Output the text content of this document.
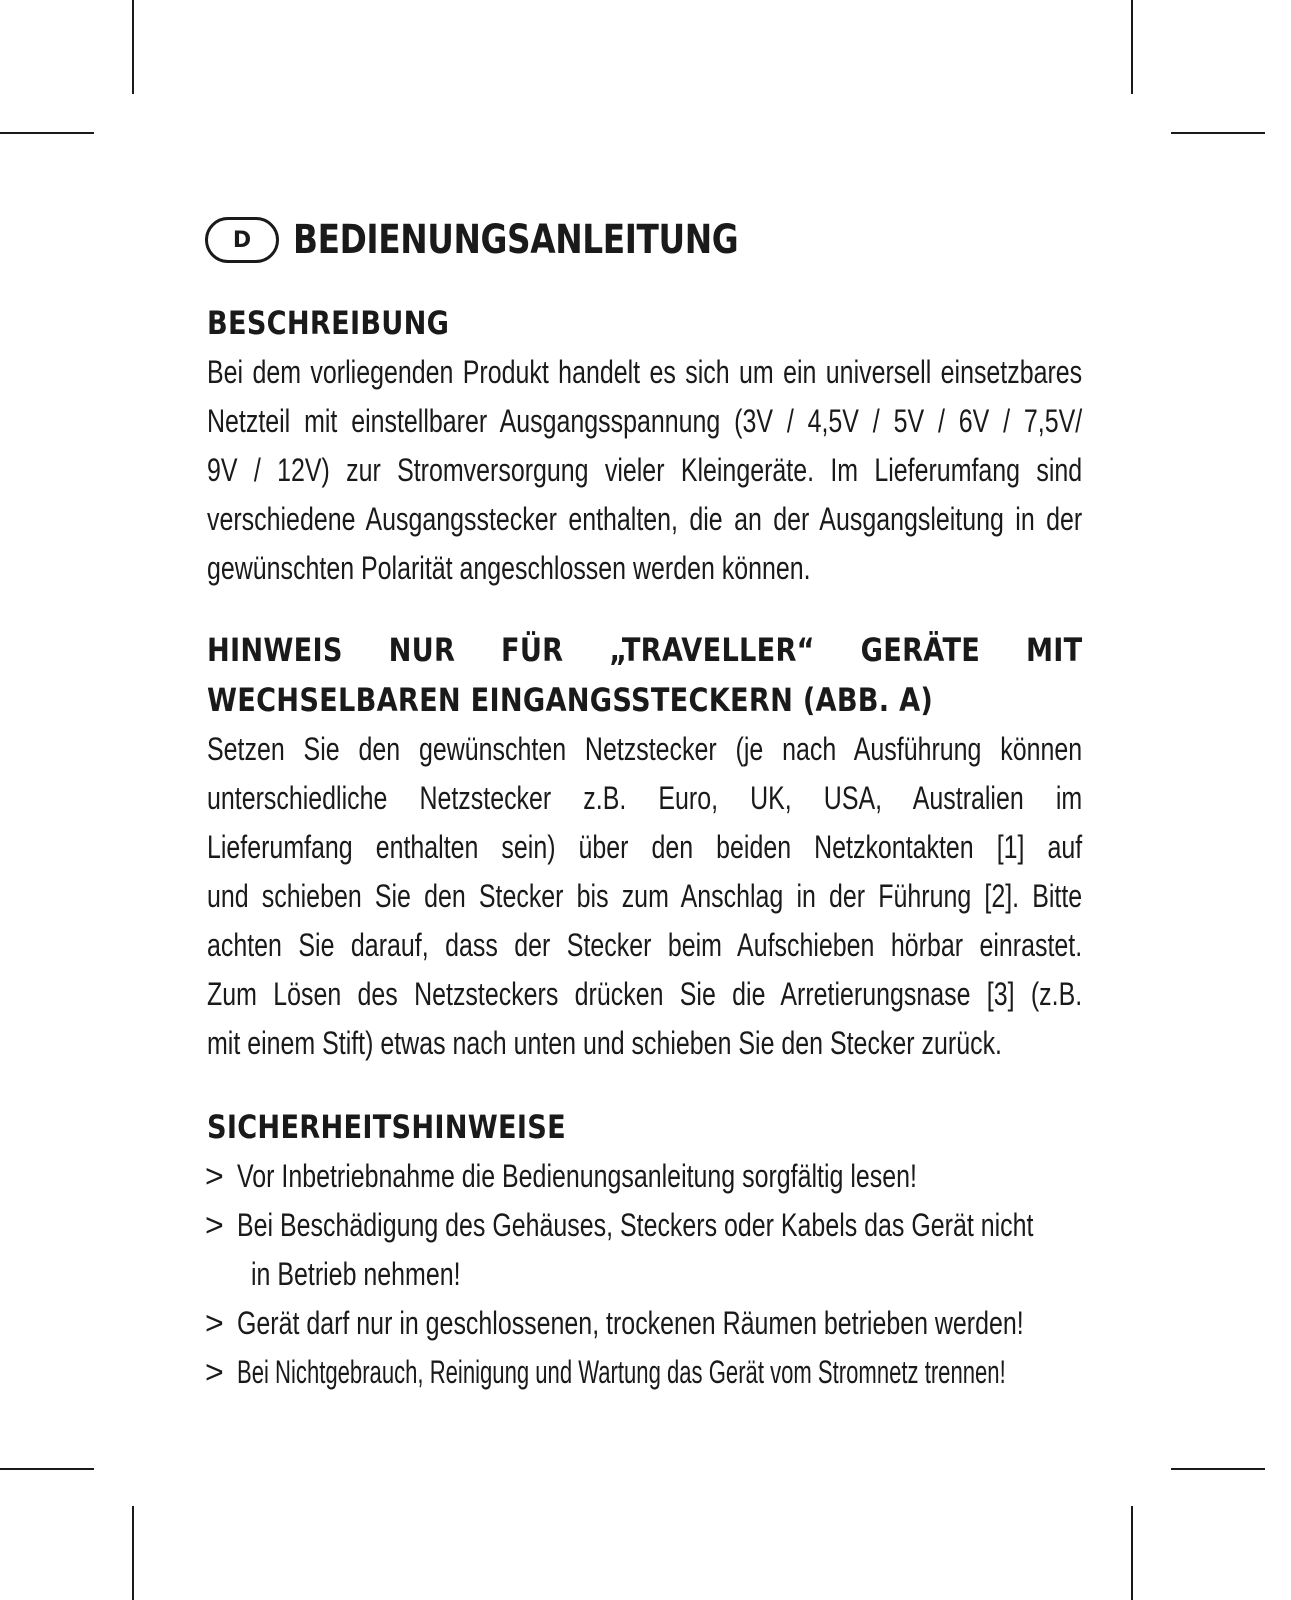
D	BEDIENUNGSANLEITUNG
BESCHREIBUNG
Bei dem vorliegenden Produkt handelt es sich um ein universell einsetzbares
Netzteil mit einstellbarer Ausgangsspannung (3V / 4,5V / 5V / 6V / 7,5V/
9V / 12V) zur Stromversorgung vieler Kleingeräte. Im Lieferumfang sind
verschiedene Ausgangsstecker enthalten, die an der Ausgangsleitung in der
gewünschten Polarität angeschlossen werden können.
HINWEIS NUR FÜR „TRAVELLER“ GERÄTE MIT
WECHSELBAREN EINGANGSSTECKERN (ABB. A)
Setzen Sie den gewünschten Netzstecker (je nach Ausführung können
unterschiedliche Netzstecker z.B. Euro, UK, USA, Australien im
Lieferumfang enthalten sein) über den beiden Netzkontakten [1] auf
und schieben Sie den Stecker bis zum Anschlag in der Führung [2]. Bitte
achten Sie darauf, dass der Stecker beim Aufschieben hörbar einrastet.
Zum Lösen des Netzsteckers drücken Sie die Arretierungsnase [3] (z.B.
mit einem Stift) etwas nach unten und schieben Sie den Stecker zurück.
SICHERHEITSHINWEISE
> Vor Inbetriebnahme die Bedienungsanleitung sorgfältig lesen!
> Bei Beschädigung des Gehäuses, Steckers oder Kabels das Gerät nicht
in Betrieb nehmen!
> Gerät darf nur in geschlossenen, trockenen Räumen betrieben werden!
> Bei Nichtgebrauch, Reinigung und Wartung das Gerät vom Stromnetz trennen!
